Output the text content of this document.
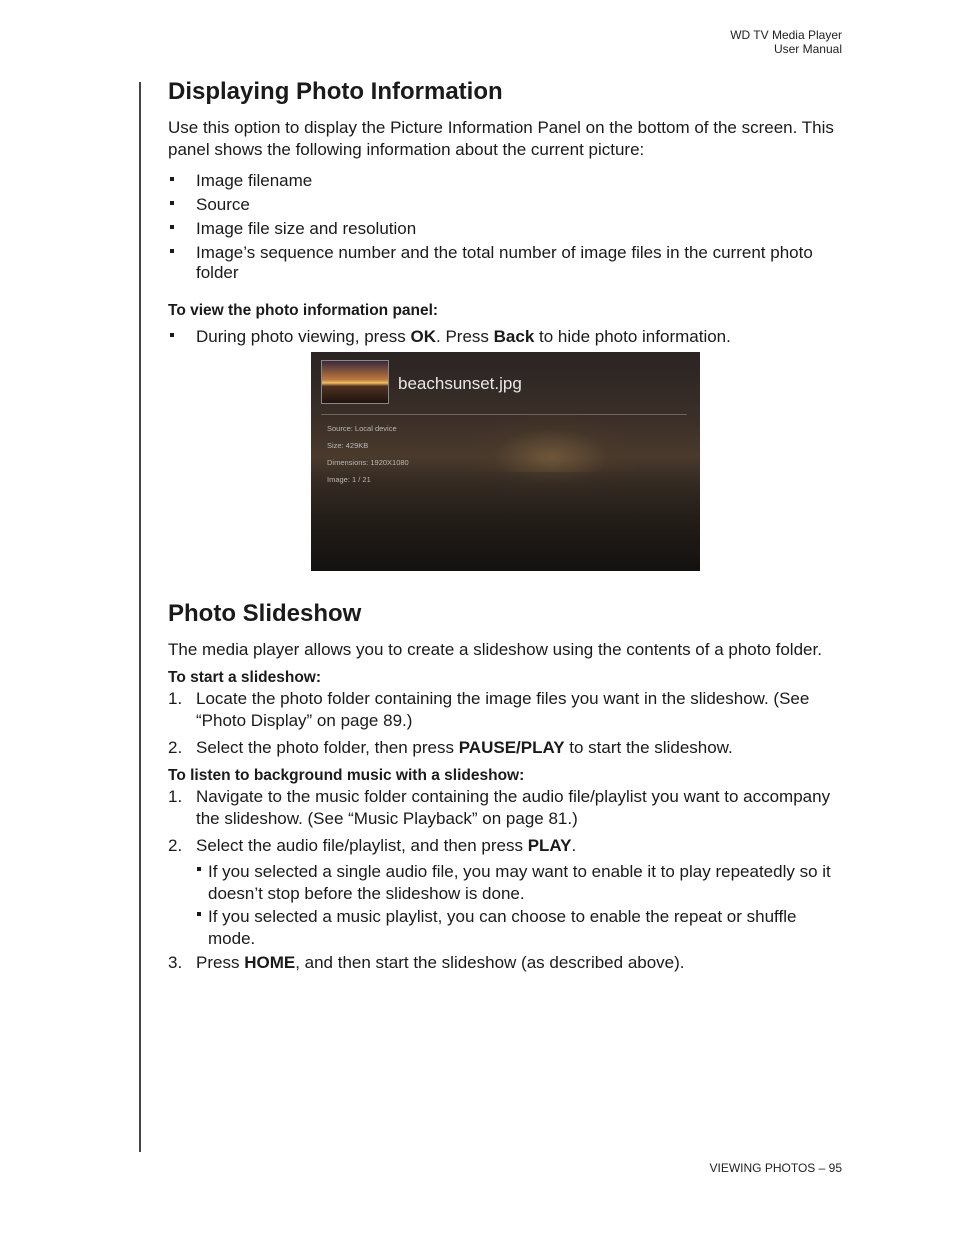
WD TV Media Player
User Manual
Displaying Photo Information

Use this option to display the Picture Information Panel on the bottom of the screen. This panel shows the following information about the current picture:

Image filename
Source
Image file size and resolution
Image’s sequence number and the total number of image files in the current photo folder
To view the photo information panel:
During photo viewing, press OK. Press Back to hide photo information.
beachsunset.jpg
Source: Local device
Size: 429KB
Dimensions: 1920X1080
Image: 1 / 21
Photo Slideshow

The media player allows you to create a slideshow using the contents of a photo folder.

To start a slideshow:
1. Locate the photo folder containing the image files you want in the slideshow. (See “Photo Display” on page 89.)
2. Select the photo folder, then press PAUSE/PLAY to start the slideshow.
To listen to background music with a slideshow:
1. Navigate to the music folder containing the audio file/playlist you want to accompany the slideshow. (See “Music Playback” on page 81.)
2. Select the audio file/playlist, and then press PLAY.
If you selected a single audio file, you may want to enable it to play repeatedly so it doesn’t stop before the slideshow is done.
If you selected a music playlist, you can choose to enable the repeat or shuffle mode.
3. Press HOME, and then start the slideshow (as described above).
VIEWING PHOTOS – 95
